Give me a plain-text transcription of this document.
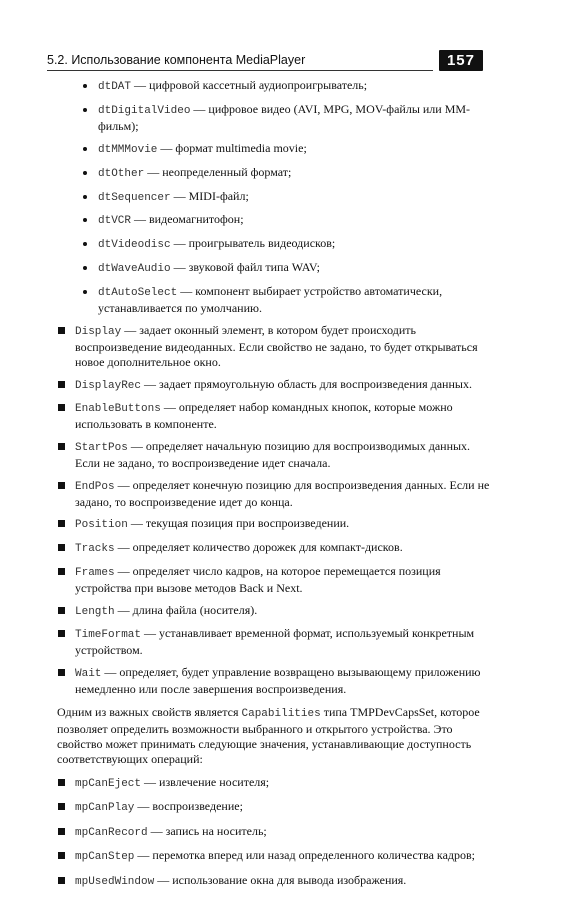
5.2. Использование компонента MediaPlayer	157
dtDAT — цифровой кассетный аудиопроигрыватель;
dtDigitalVideo — цифровое видео (AVI, MPG, MOV-файлы или MM-фильм);
dtMMMovie — формат multimedia movie;
dtOther — неопределенный формат;
dtSequencer — MIDI-файл;
dtVCR — видеомагнитофон;
dtVideodisc — проигрыватель видеодисков;
dtWaveAudio — звуковой файл типа WAV;
dtAutoSelect — компонент выбирает устройство автоматически, устанавливается по умолчанию.
Display — задает оконный элемент, в котором будет происходить воспроизведение видеоданных. Если свойство не задано, то будет открываться новое дополнительное окно.
DisplayRec — задает прямоугольную область для воспроизведения данных.
EnableButtons — определяет набор командных кнопок, которые можно использовать в компоненте.
StartPos — определяет начальную позицию для воспроизводимых данных. Если не задано, то воспроизведение идет сначала.
EndPos — определяет конечную позицию для воспроизведения данных. Если не задано, то воспроизведение идет до конца.
Position — текущая позиция при воспроизведении.
Tracks — определяет количество дорожек для компакт-дисков.
Frames — определяет число кадров, на которое перемещается позиция устройства при вызове методов Back и Next.
Length — длина файла (носителя).
TimeFormat — устанавливает временной формат, используемый конкретным устройством.
Wait — определяет, будет управление возвращено вызывающему приложению немедленно или после завершения воспроизведения.

Одним из важных свойств является Capabilities типа TMPDevCapsSet, которое позволяет определить возможности выбранного и открытого устройства. Это свойство может принимать следующие значения, устанавливающие доступность соответствующих операций:

mpCanEject — извлечение носителя;
mpCanPlay — воспроизведение;
mpCanRecord — запись на носитель;
mpCanStep — перемотка вперед или назад определенного количества кадров;
mpUsedWindow — использование окна для вывода изображения.
